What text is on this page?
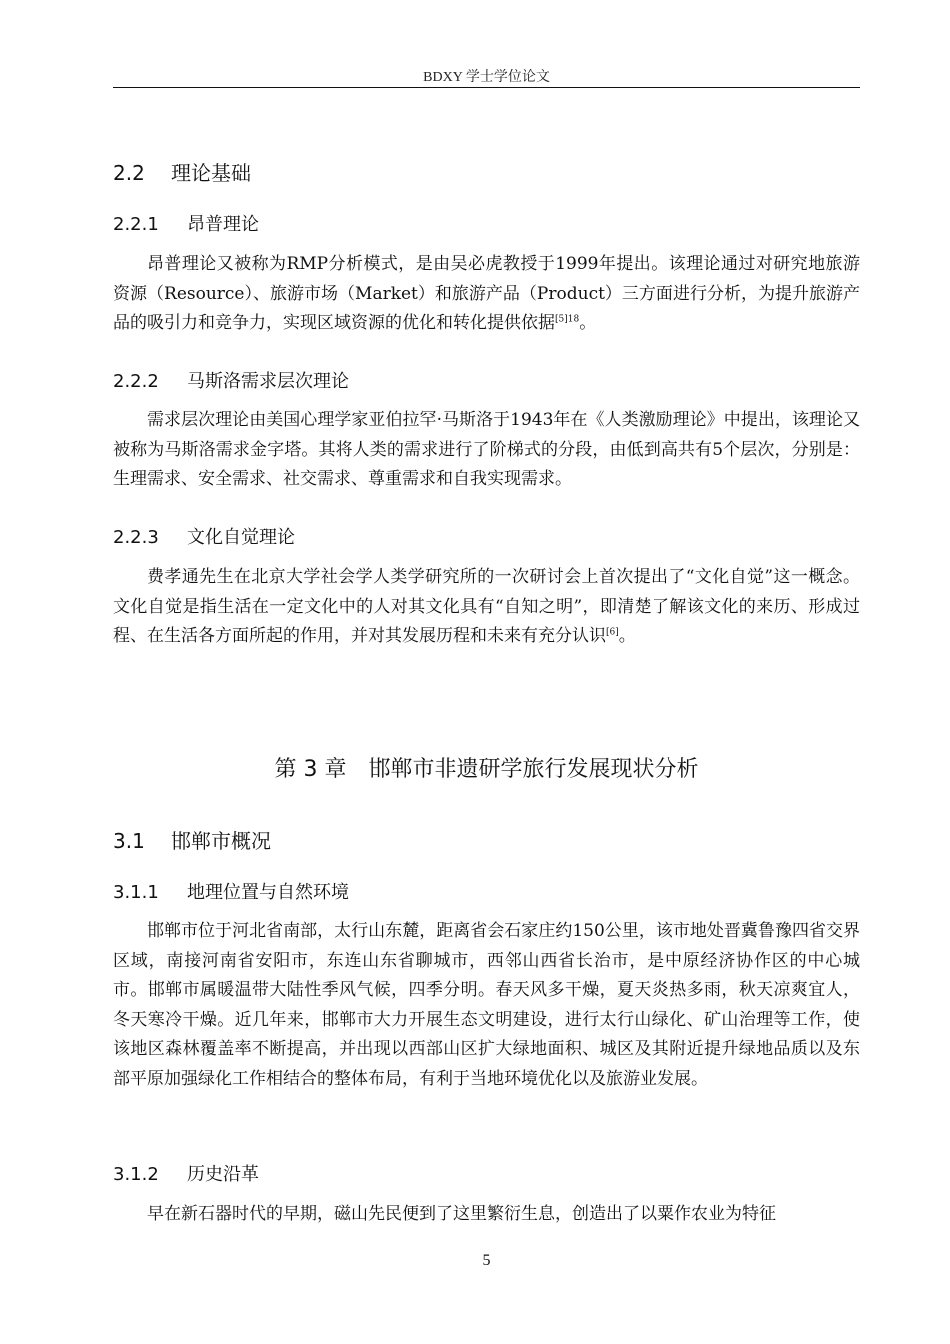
BDXY 学士学位论文
2.2 理论基础
2.2.1 昂普理论

昂普理论又被称为RMP分析模式，是由吴必虎教授于1999年提出。该理论通过对研究地旅游资源（Resource）、旅游市场（Market）和旅游产品（Product）三方面进行分析，为提升旅游产品的吸引力和竞争力，实现区域资源的优化和转化提供依据$^{[5]18}$。

2.2.2 马斯洛需求层次理论

需求层次理论由美国心理学家亚伯拉罕·马斯洛于1943年在《人类激励理论》中提出，该理论又被称为马斯洛需求金字塔。其将人类的需求进行了阶梯式的分段，由低到高共有5个层次，分别是：生理需求、安全需求、社交需求、尊重需求和自我实现需求。

2.2.3 文化自觉理论

费孝通先生在北京大学社会学人类学研究所的一次研讨会上首次提出了“文化自觉”这一概念。文化自觉是指生活在一定文化中的人对其文化具有“自知之明”，即清楚了解该文化的来历、形成过程、在生活各方面所起的作用，并对其发展历程和未来有充分认识[6]。

第 3 章　邯郸市非遗研学旅行发展现状分析
3.1 邯郸市概况
3.1.1 地理位置与自然环境

邯郸市位于河北省南部，太行山东麓，距离省会石家庄约150公里，该市地处晋冀鲁豫四省交界区域，南接河南省安阳市，东连山东省聊城市，西邻山西省长治市，是中原经济协作区的中心城市。邯郸市属暖温带大陆性季风气候，四季分明。春天风多干燥，夏天炎热多雨，秋天凉爽宜人，冬天寒冷干燥。近几年来，邯郸市大力开展生态文明建设，进行太行山绿化、矿山治理等工作，使该地区森林覆盖率不断提高，并出现以西部山区扩大绿地面积、城区及其附近提升绿地品质以及东部平原加强绿化工作相结合的整体布局，有利于当地环境优化以及旅游业发展。

3.1.2 历史沿革

早在新石器时代的早期，磁山先民便到了这里繁衍生息，创造出了以粟作农业为特征

5
